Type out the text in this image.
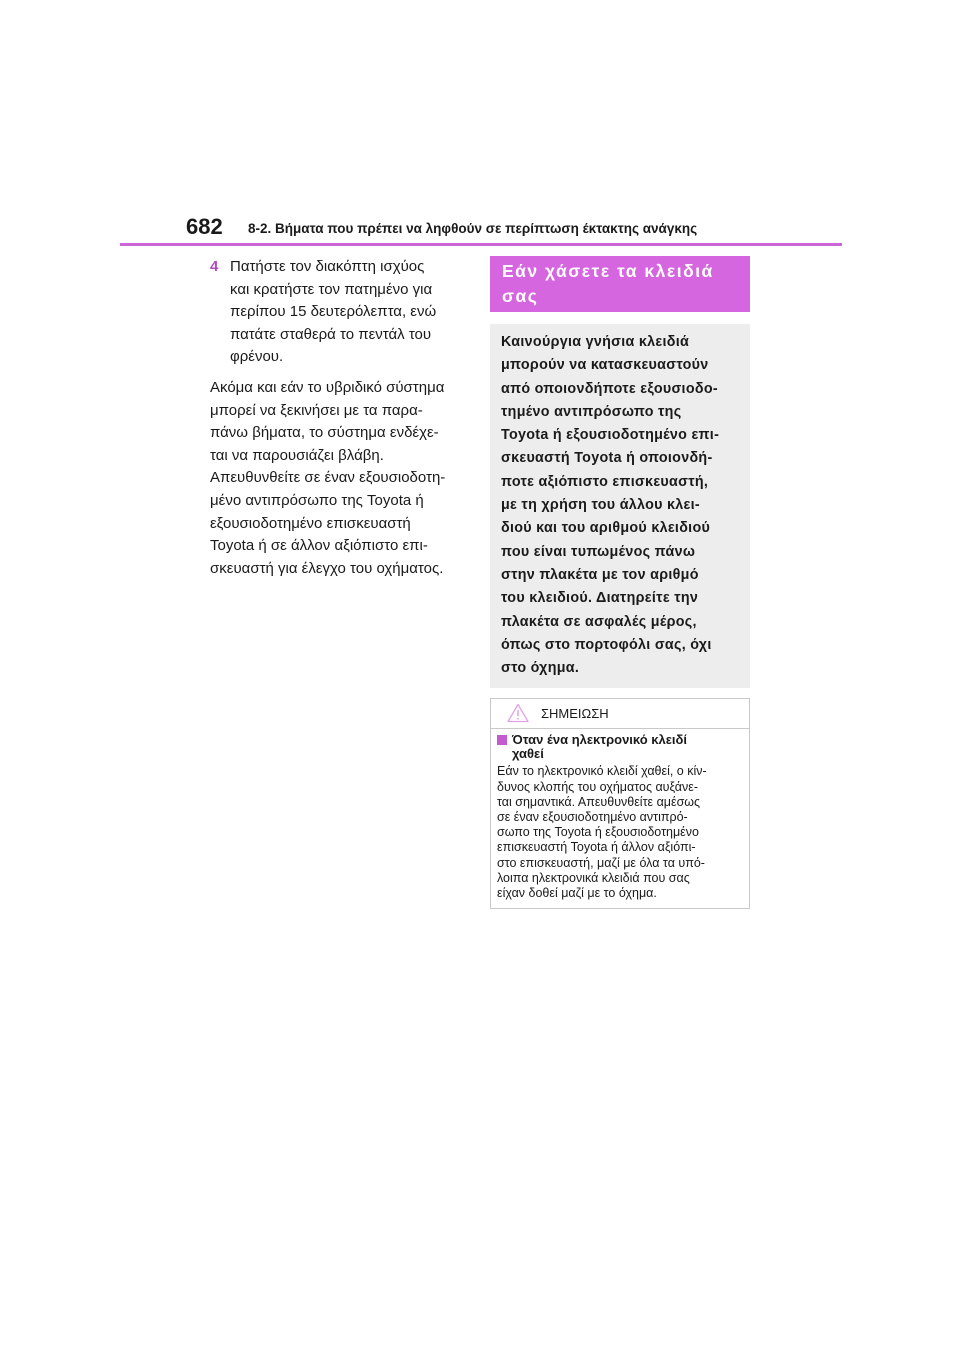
682 8-2. Βήματα που πρέπει να ληφθούν σε περίπτωση έκτακτης ανάγκης
4 Πατήστε τον διακόπτη ισχύος
και κρατήστε τον πατημένο για
περίπου 15 δευτερόλεπτα, ενώ
πατάτε σταθερά το πεντάλ του
φρένου.
Ακόμα και εάν το υβριδικό σύστημα
μπορεί να ξεκινήσει με τα παρα-
πάνω βήματα, το σύστημα ενδέχε-
ται να παρουσιάζει βλάβη.
Απευθυνθείτε σε έναν εξουσιοδοτη-
μένο αντιπρόσωπο της Toyota ή
εξουσιοδοτημένο επισκευαστή
Toyota ή σε άλλον αξιόπιστο επι-
σκευαστή για έλεγχο του οχήματος.
Εάν χάσετε τα κλειδιά
σας
Καινούργια γνήσια κλειδιά
μπορούν να κατασκευαστούν
από οποιονδήποτε εξουσιοδο-
τημένο αντιπρόσωπο της
Toyota ή εξουσιοδοτημένο επι-
σκευαστή Toyota ή οποιονδή-
ποτε αξιόπιστο επισκευαστή,
με τη χρήση του άλλου κλει-
διού και του αριθμού κλειδιού
που είναι τυπωμένος πάνω
στην πλακέτα με τον αριθμό
του κλειδιού. Διατηρείτε την
πλακέτα σε ασφαλές μέρος,
όπως στο πορτοφόλι σας, όχι
στο όχημα.
ΣΗΜΕΙΩΣΗ
Όταν ένα ηλεκτρονικό κλειδί
χαθεί
Εάν το ηλεκτρονικό κλειδί χαθεί, ο κίν-
δυνος κλοπής του οχήματος αυξάνε-
ται σημαντικά. Απευθυνθείτε αμέσως
σε έναν εξουσιοδοτημένο αντιπρό-
σωπο της Toyota ή εξουσιοδοτημένο
επισκευαστή Toyota ή άλλον αξιόπι-
στο επισκευαστή, μαζί με όλα τα υπό-
λοιπα ηλεκτρονικά κλειδιά που σας
είχαν δοθεί μαζί με το όχημα.
